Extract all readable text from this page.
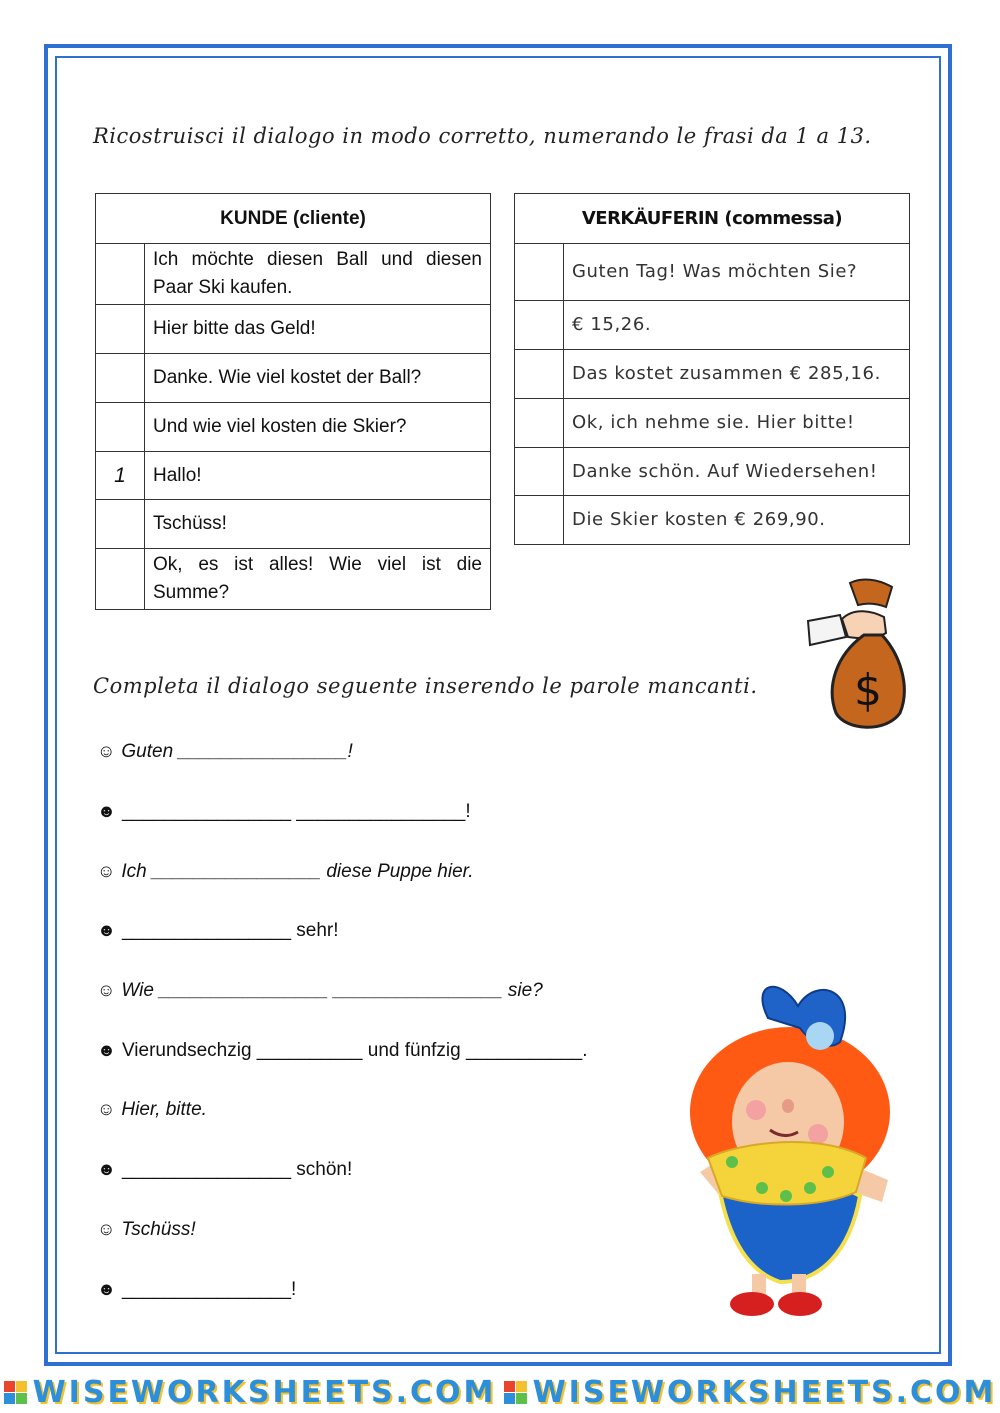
Ricostruisci il dialogo in modo corretto, numerando le frasi da 1 a 13.
KUNDE (cliente)	
	Ich möchte diesen Ball und diesen Paar Ski kaufen.
	Hier bitte das Geld!
	Danke. Wie viel kostet der Ball?
	Und wie viel kosten die Skier?
1	Hallo!
	Tschüss!
	Ok, es ist alles! Wie viel ist die Summe?
VERKÄUFERIN (commessa)	
	Guten Tag! Was möchten Sie?
	€ 15,26.
	Das kostet zusammen € 285,16.
	Ok, ich nehme sie. Hier bitte!
	Danke schön. Auf Wiedersehen!
	Die Skier kosten € 269,90.
$
Completa il dialogo seguente inserendo le parole mancanti.
☺ Guten ________________!
☻ ________________ ________________!
☺ Ich ________________ diese Puppe hier.
☻ ________________ sehr!
☺ Wie ________________ ________________ sie?
☻ Vierundsechzig __________ und fünfzig ___________.
☺ Hier, bitte.
☻ ________________ schön!
☺ Tschüss!
☻ ________________!
WISEWORKSHEETS.COM WISEWORKSHEETS.COM
